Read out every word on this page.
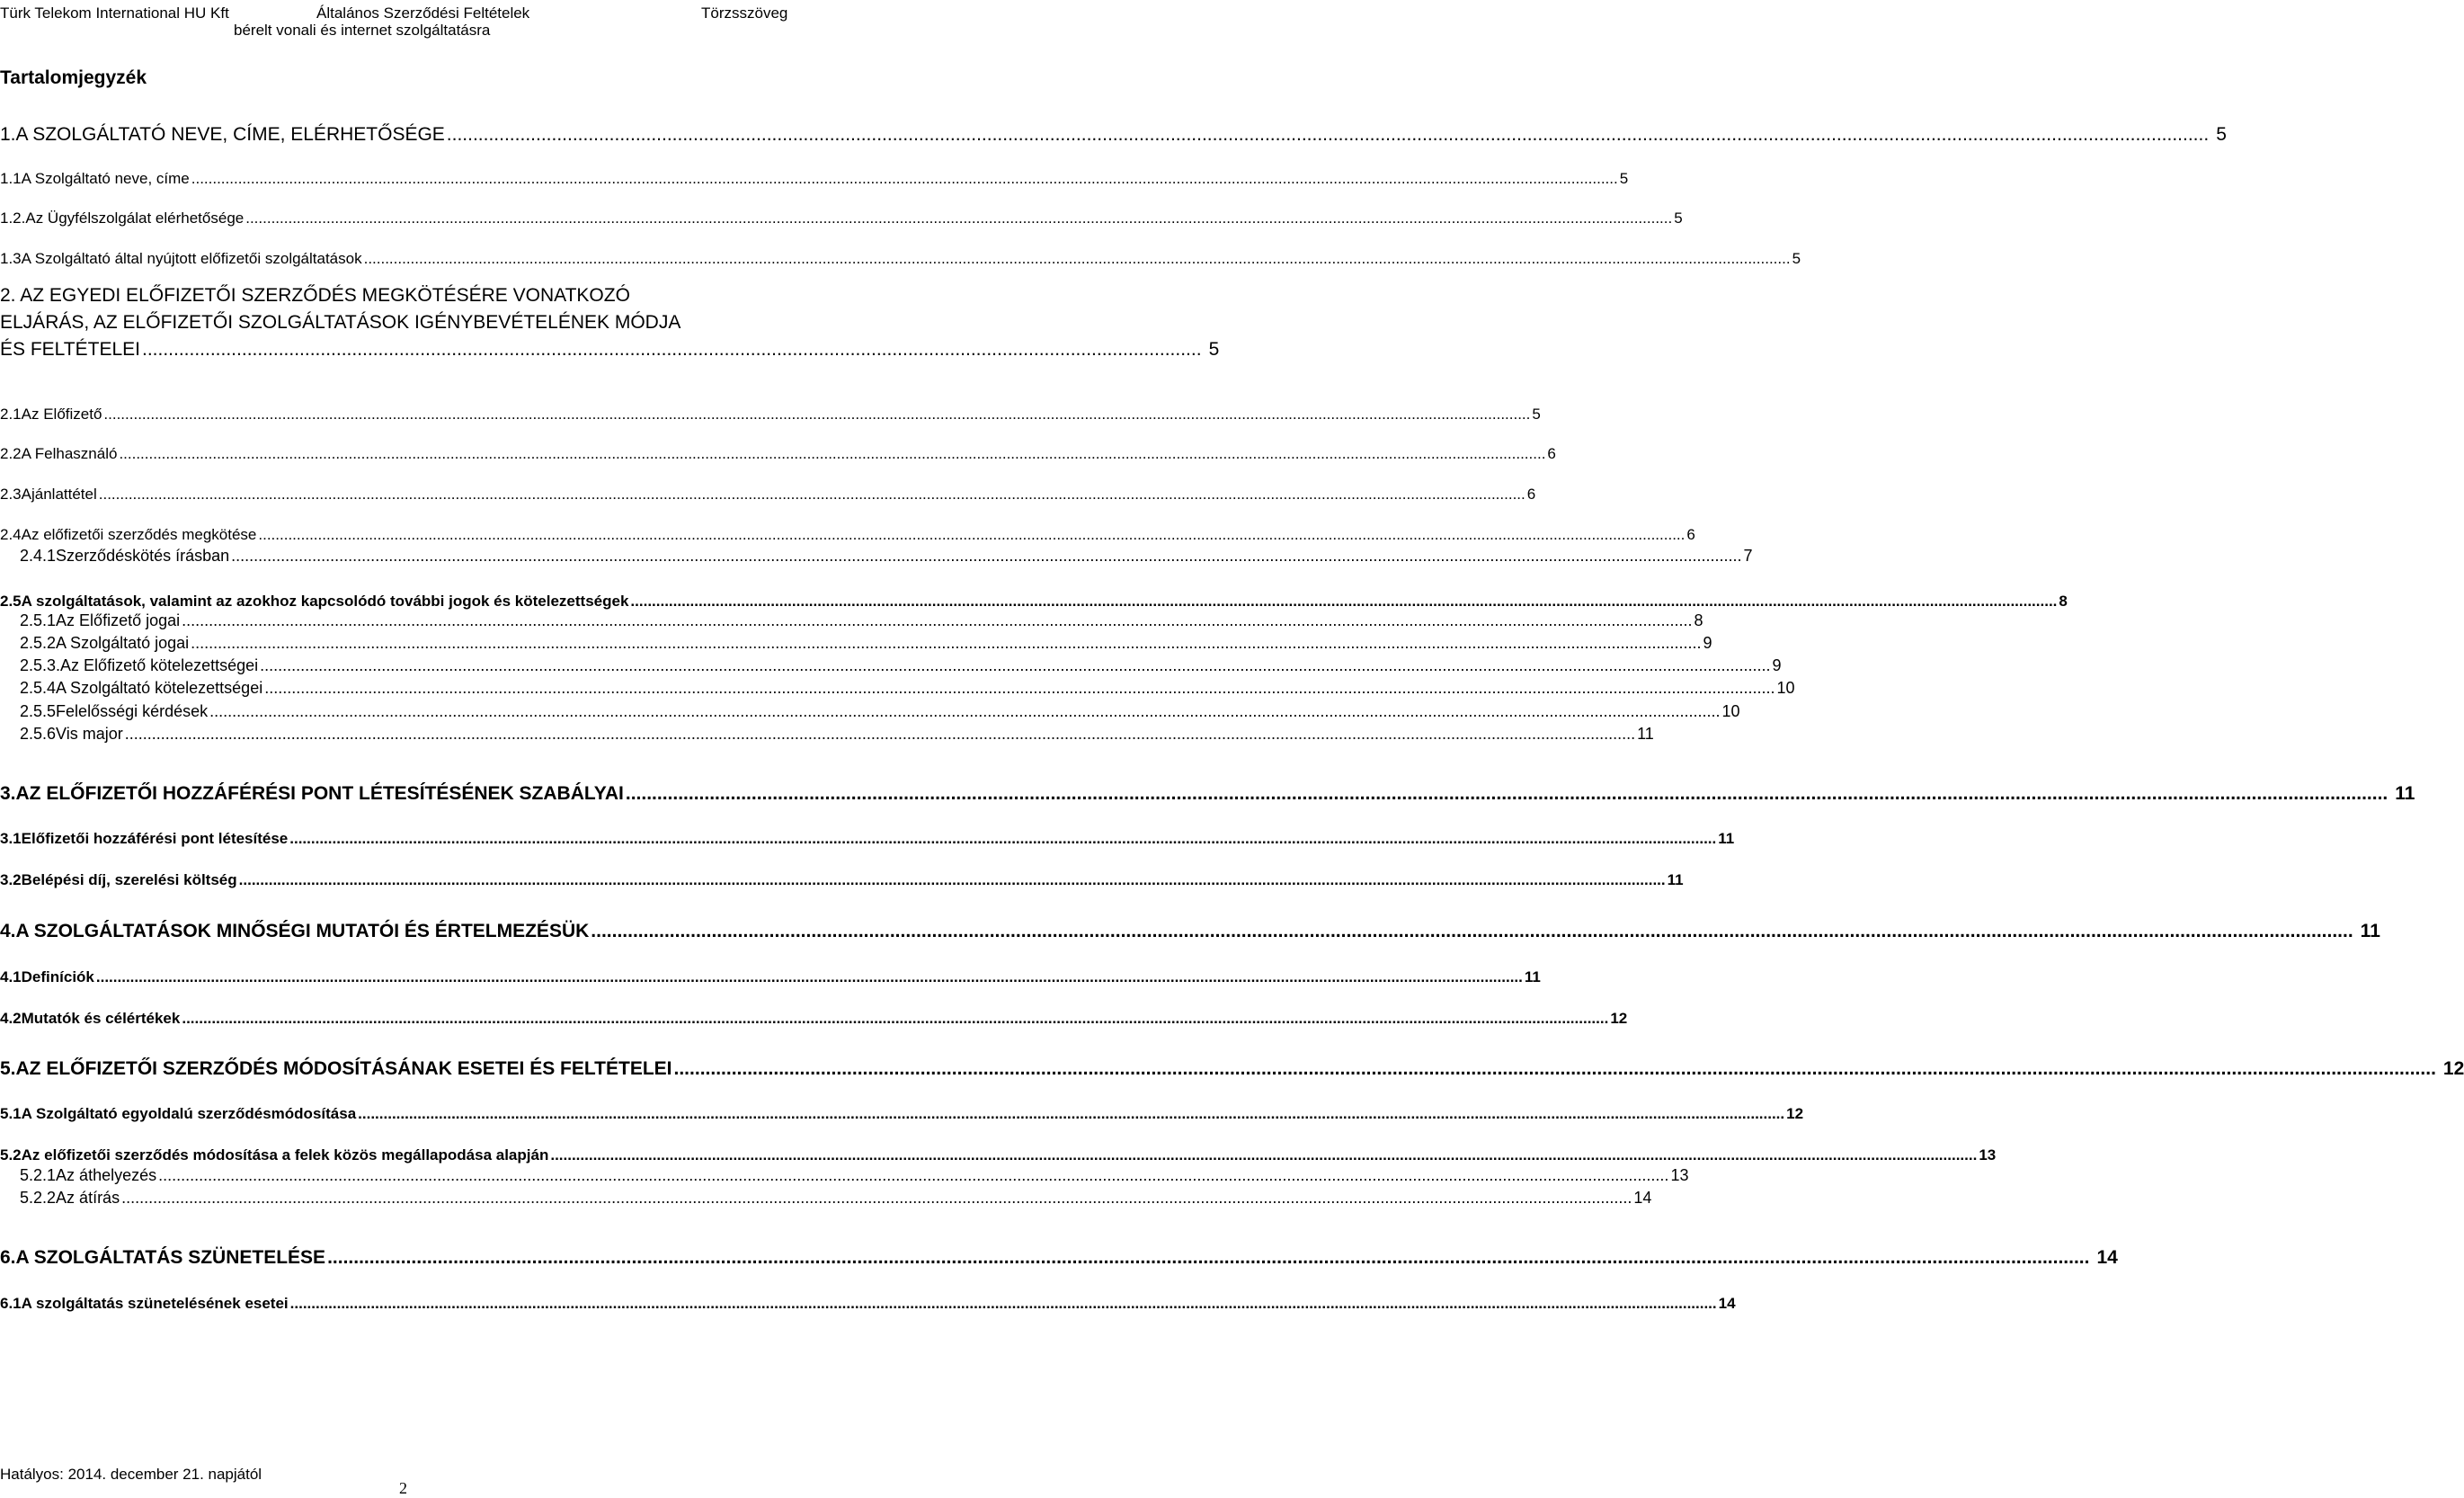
Türk Telekom International HU Kft	Általános Szerződési Feltételek	Törzsszöveg
bérelt vonali és internet szolgáltatásra
Tartalomjegyzék
1. A SZOLGÁLTATÓ NEVE, CÍME, ELÉRHETŐSÉGE .....	5
1.1 A Szolgáltató neve, címe .....	5
1.2. Az Ügyfélszolgálat elérhetősége .....	5
1.3 A Szolgáltató által nyújtott előfizetői szolgáltatások .....	5
2. AZ EGYEDI ELŐFIZETŐI SZERZŐDÉS MEGKÖTÉSÉRE VONATKOZÓ
ELJÁRÁS, AZ ELŐFIZETŐI SZOLGÁLTATÁSOK IGÉNYBEVÉTELÉNEK MÓDJA
ÉS FELTÉTELEI .......................................................................................................................................................................................................... 5
2.1 Az Előfizető .....	5
2.2 A Felhasználó .....	6
2.3 Ajánlattétel .....	6
2.4 Az előfizetői szerződés megkötése .....	6
2.4.1 Szerződéskötés írásban .....	7
2.5 A szolgáltatások, valamint az azokhoz kapcsolódó további jogok és kötelezettségek .....	8
2.5.1 Az Előfizető jogai .....	8
2.5.2 A Szolgáltató jogai .....	9
2.5.3. Az Előfizető kötelezettségei .....	9
2.5.4 A Szolgáltató kötelezettségei .....	10
2.5.5 Felelősségi kérdések .....	10
2.5.6 Vis major .....	11
3. AZ ELŐFIZETŐI HOZZÁFÉRÉSI PONT LÉTESÍTÉSÉNEK SZABÁLYAI .....	11
3.1 Előfizetői hozzáférési pont létesítése .....	11
3.2 Belépési díj, szerelési költség .....	11
4. A SZOLGÁLTATÁSOK MINŐSÉGI MUTATÓI ÉS ÉRTELMEZÉSÜK .....	11
4.1 Definíciók .....	11
4.2 Mutatók és célértékek .....	12
5. AZ ELŐFIZETŐI SZERZŐDÉS MÓDOSÍTÁSÁNAK ESETEI ÉS FELTÉTELEI .....	12
5.1 A Szolgáltató egyoldalú szerződésmódosítása .....	12
5.2 Az előfizetői szerződés módosítása a felek közös megállapodása alapján .....	13
5.2.1 Az áthelyezés .....	13
5.2.2 Az átírás .....	14
6. A SZOLGÁLTATÁS SZÜNETELÉSE .....	14
6.1 A szolgáltatás szünetelésének esetei .....	14
Hatályos: 2014. december 21. napjától
2
